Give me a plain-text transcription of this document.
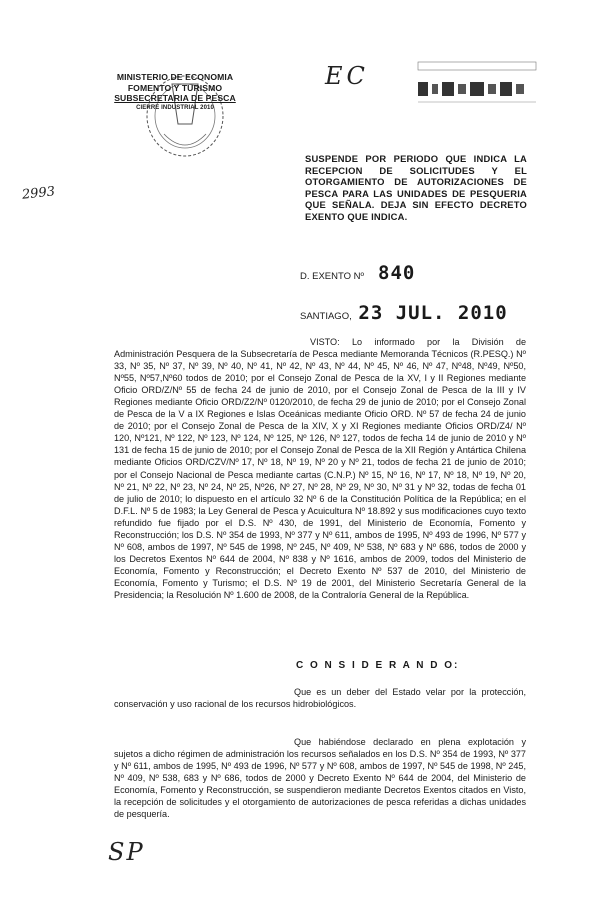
MINISTERIO DE ECONOMIA
FOMENTO Y TURISMO
SUBSECRETARIA DE PESCA
CIERRE INDUSTRIAL 2010
EC
2993
SP
SUSPENDE POR PERIODO QUE INDICA LA RECEPCION DE SOLICITUDES Y EL OTORGAMIENTO DE AUTORIZACIONES DE PESCA PARA LAS UNIDADES DE PESQUERIA QUE SEÑALA. DEJA SIN EFECTO DECRETO EXENTO QUE INDICA.
D. EXENTO Nº 840
SANTIAGO, 23 JUL. 2010
VISTO: Lo informado por la División de Administración Pesquera de la Subsecretaría de Pesca mediante Memoranda Técnicos (R.PESQ.) Nº 33, Nº 35, Nº 37, Nº 39, Nº 40, Nº 41, Nº 42, Nº 43, Nº 44, Nº 45, Nº 46, Nº 47, Nº48, Nº49, Nº50, Nº55, Nº57,Nº60 todos de 2010; por el Consejo Zonal de Pesca de la XV, I y II Regiones mediante Oficio ORD/Z/Nº 55 de fecha 24 de junio de 2010, por el Consejo Zonal de Pesca de la III y IV Regiones mediante Oficio ORD/Z2/Nº 0120/2010, de fecha 29 de junio de 2010; por el Consejo Zonal de Pesca de la V a IX Regiones e Islas Oceánicas mediante Oficio ORD. Nº 57 de fecha 24 de junio de 2010; por el Consejo Zonal de Pesca de la XIV, X y XI Regiones mediante Oficios ORD/Z4/ Nº 120, Nº121, Nº 122, Nº 123, Nº 124, Nº 125, Nº 126, Nº 127, todos de fecha 14 de junio de 2010 y Nº 131 de fecha 15 de junio de 2010; por el Consejo Zonal de Pesca de la XII Región y Antártica Chilena mediante Oficios ORD/CZV/Nº 17, Nº 18, Nº 19, Nº 20 y Nº 21, todos de fecha 21 de junio de 2010; por el Consejo Nacional de Pesca mediante cartas (C.N.P.) Nº 15, Nº 16, Nº 17, Nº 18, Nº 19, Nº 20, Nº 21, Nº 22, Nº 23, Nº 24, Nº 25, Nº26, Nº 27, Nº 28, Nº 29, Nº 30, Nº 31 y Nº 32, todas de fecha 01 de julio de 2010; lo dispuesto en el artículo 32 Nº 6 de la Constitución Política de la República; en el D.F.L. Nº 5 de 1983; la Ley General de Pesca y Acuicultura Nº 18.892 y sus modificaciones cuyo texto refundido fue fijado por el D.S. Nº 430, de 1991, del Ministerio de Economía, Fomento y Reconstrucción; los D.S. Nº 354 de 1993, Nº 377 y Nº 611, ambos de 1995, Nº 493 de 1996, Nº 577 y Nº 608, ambos de 1997, Nº 545 de 1998, Nº 245, Nº 409, Nº 538, Nº 683 y Nº 686, todos de 2000 y los Decretos Exentos Nº 644 de 2004, Nº 838 y Nº 1616, ambos de 2009, todos del Ministerio de Economía, Fomento y Reconstrucción; el Decreto Exento Nº 537 de 2010, del Ministerio de Economía, Fomento y Turismo; el D.S. Nº 19 de 2001, del Ministerio Secretaría General de la Presidencia; la Resolución Nº 1.600 de 2008, de la Contraloría General de la República.
C O N S I D E R A N D O:
Que es un deber del Estado velar por la protección, conservación y uso racional de los recursos hidrobiológicos.
Que habiéndose declarado en plena explotación y sujetos a dicho régimen de administración los recursos señalados en los D.S. Nº 354 de 1993, Nº 377 y Nº 611, ambos de 1995, Nº 493 de 1996, Nº 577 y Nº 608, ambos de 1997, Nº 545 de 1998, Nº 245, Nº 409, Nº 538, 683 y Nº 686, todos de 2000 y Decreto Exento Nº 644 de 2004, del Ministerio de Economía, Fomento y Reconstrucción, se suspendieron mediante Decretos Exentos citados en Visto, la recepción de solicitudes y el otorgamiento de autorizaciones de pesca referidas a dichas unidades de pesquería.
